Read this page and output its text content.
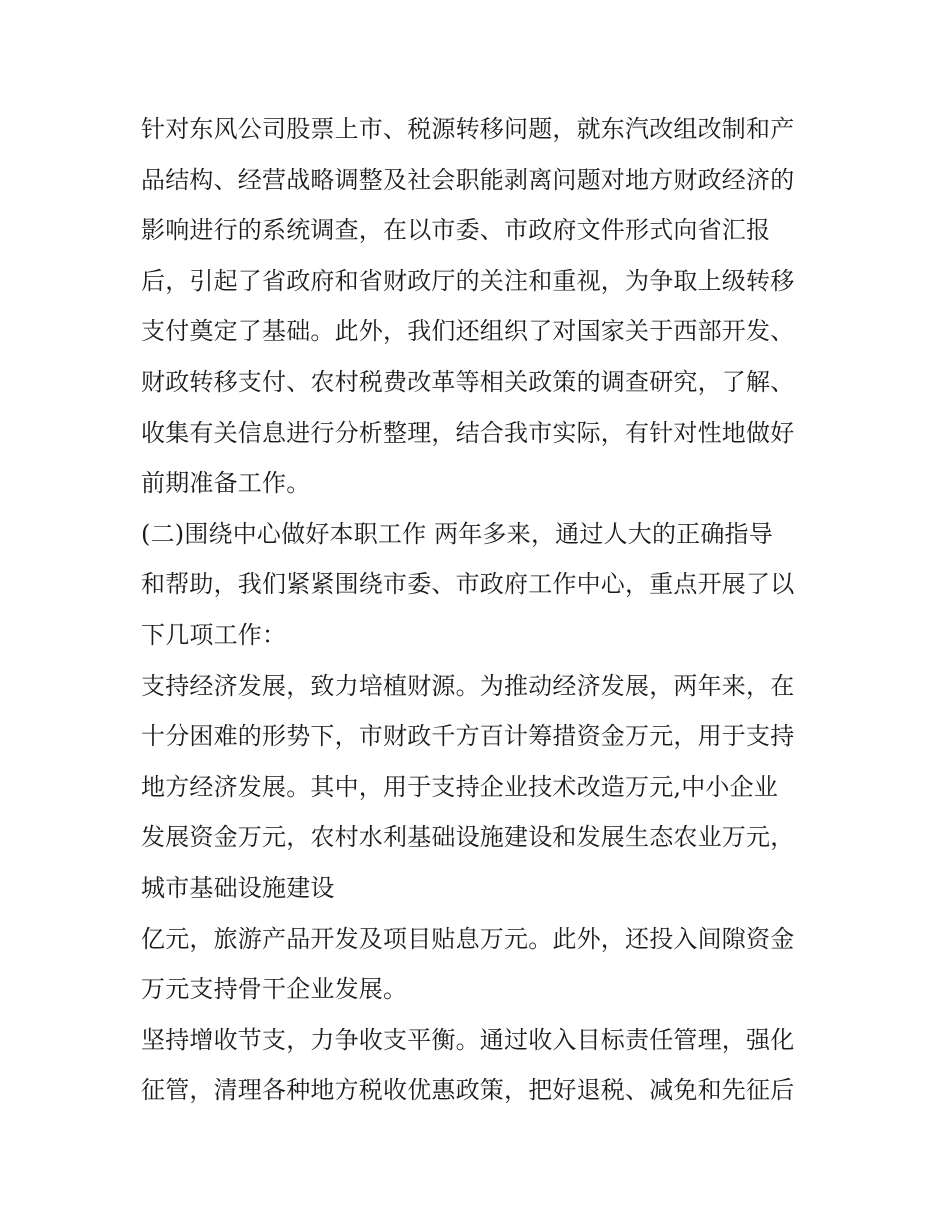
针对东风公司股票上市、税源转移问题，就东汽改组改制和产
品结构、经营战略调整及社会职能剥离问题对地方财政经济的
影响进行的系统调查，在以市委、市政府文件形式向省汇报
后，引起了省政府和省财政厅的关注和重视，为争取上级转移
支付奠定了基础。此外，我们还组织了对国家关于西部开发、
财政转移支付、农村税费改革等相关政策的调查研究，了解、
收集有关信息进行分析整理，结合我市实际，有针对性地做好
前期准备工作。
(二)围绕中心做好本职工作 两年多来，通过人大的正确指导
和帮助，我们紧紧围绕市委、市政府工作中心，重点开展了以
下几项工作：
支持经济发展，致力培植财源。为推动经济发展，两年来，在
十分困难的形势下，市财政千方百计筹措资金万元，用于支持
地方经济发展。其中，用于支持企业技术改造万元,中小企业
发展资金万元，农村水利基础设施建设和发展生态农业万元，
城市基础设施建设
亿元，旅游产品开发及项目贴息万元。此外，还投入间隙资金
万元支持骨干企业发展。
坚持增收节支，力争收支平衡。通过收入目标责任管理，强化
征管，清理各种地方税收优惠政策，把好退税、减免和先征后
